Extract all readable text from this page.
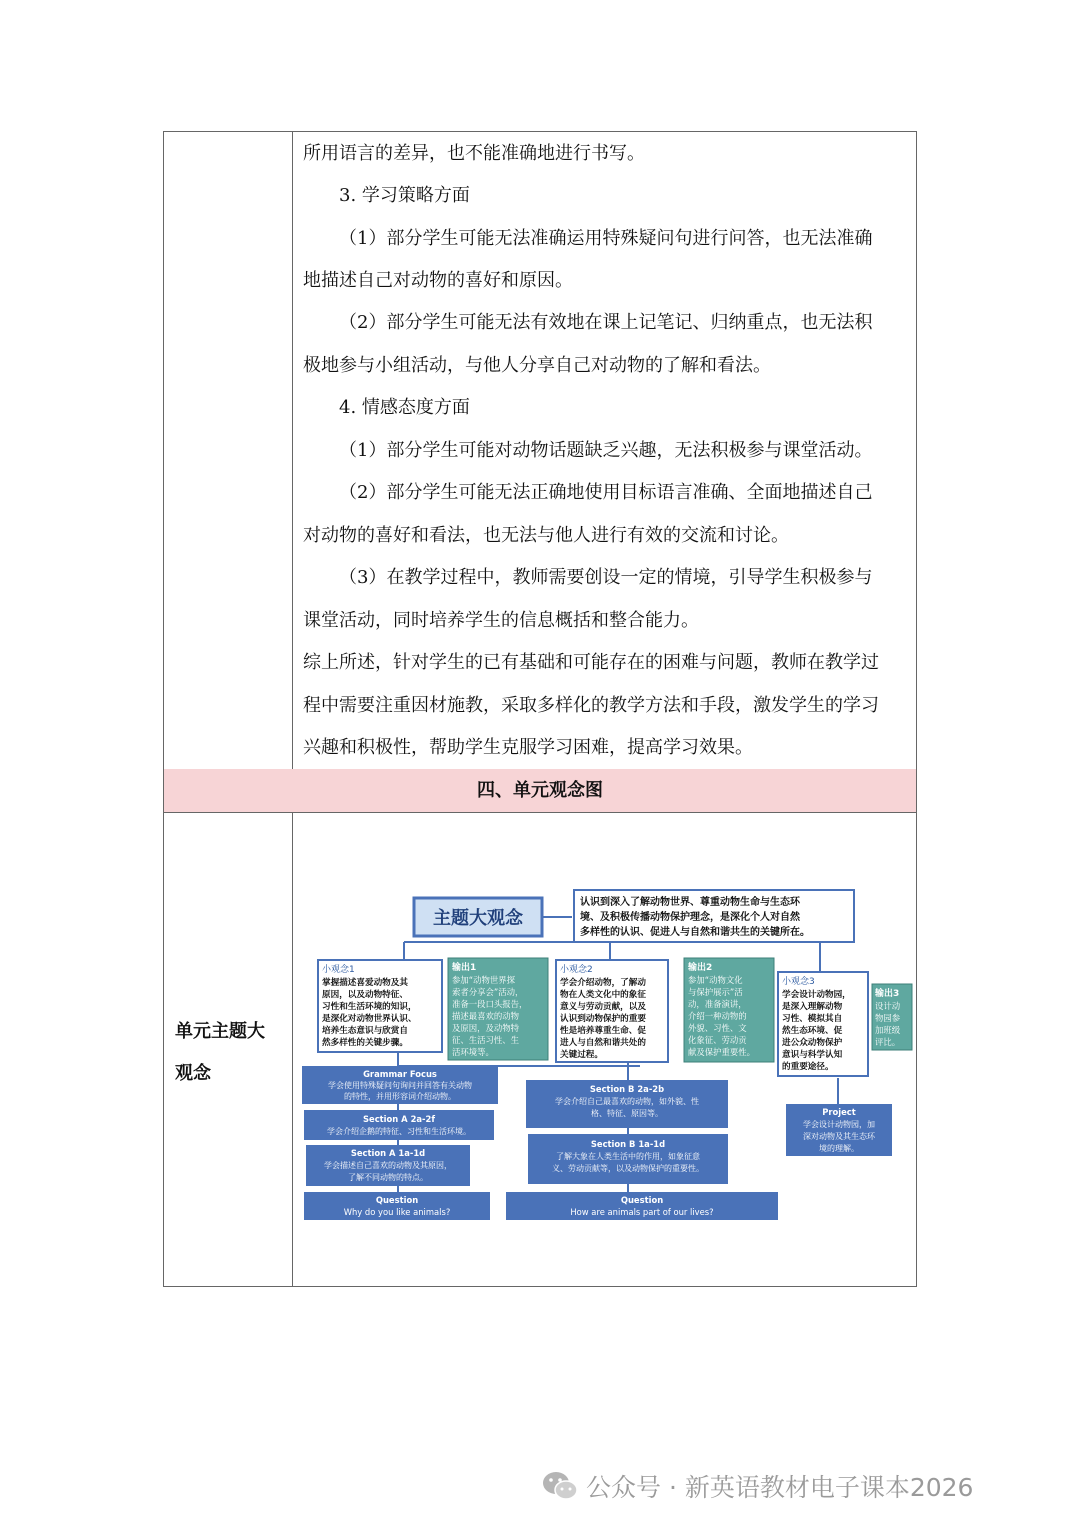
所用语言的差异，也不能准确地进行书写。
3. 学习策略方面
（1）部分学生可能无法准确运用特殊疑问句进行问答，也无法准确
地描述自己对动物的喜好和原因。
（2）部分学生可能无法有效地在课上记笔记、归纳重点，也无法积
极地参与小组活动，与他人分享自己对动物的了解和看法。
4. 情感态度方面
（1）部分学生可能对动物话题缺乏兴趣，无法积极参与课堂活动。
（2）部分学生可能无法正确地使用目标语言准确、全面地描述自己
对动物的喜好和看法，也无法与他人进行有效的交流和讨论。
（3）在教学过程中，教师需要创设一定的情境，引导学生积极参与
课堂活动，同时培养学生的信息概括和整合能力。
综上所述，针对学生的已有基础和可能存在的困难与问题，教师在教学过
程中需要注重因材施教，采取多样化的教学方法和手段，激发学生的学习
兴趣和积极性，帮助学生克服学习困难，提高学习效果。
四、单元观念图
单元主题大
观念
主题大观念
认识到深入了解动物世界、尊重动物生命与生态环
境、及积极传播动物保护理念，是深化个人对自然
多样性的认识、促进人与自然和谐共生的关键所在。
小观念1
掌握描述喜爱动物及其
原因，以及动物特征、
习性和生活环境的知识，
是深化对动物世界认识、
培养生态意识与欣赏自
然多样性的关键步骤。
输出1
参加“动物世界探
索者分享会”活动，
准备一段口头报告，
描述最喜欢的动物
及原因，及动物特
征、生活习性、生
活环境等。
小观念2
学会介绍动物，了解动
物在人类文化中的象征
意义与劳动贡献，以及
认识到动物保护的重要
性是培养尊重生命、促
进人与自然和谐共处的
关键过程。
输出2
参加“动物文化
与保护展示”活
动，准备演讲，
介绍一种动物的
外貌、习性、文
化象征、劳动贡
献及保护重要性。
小观念3
学会设计动物园，
是深入理解动物
习性、模拟其自
然生态环境、促
进公众动物保护
意识与科学认知
的重要途径。
输出3
设计动
物园参
加班级
评比。
Grammar Focus
学会使用特殊疑问句询问并回答有关动物
的特性，并用形容词介绍动物。
Section A 2a-2f
学会介绍企鹅的特征、习性和生活环境。
Section A 1a-1d
学会描述自己喜欢的动物及其原因，
了解不同动物的特点。
Question
Why do you like animals?
Section B 2a-2b
学会介绍自己最喜欢的动物，如外貌、性
格、特征、原因等。
Section B 1a-1d
了解大象在人类生活中的作用，如象征意
义、劳动贡献等，以及动物保护的重要性。
Question
How are animals part of our lives?
Project
学会设计动物园，加
深对动物及其生态环
境的理解。
公众号 · 新英语教材电子课本2026
